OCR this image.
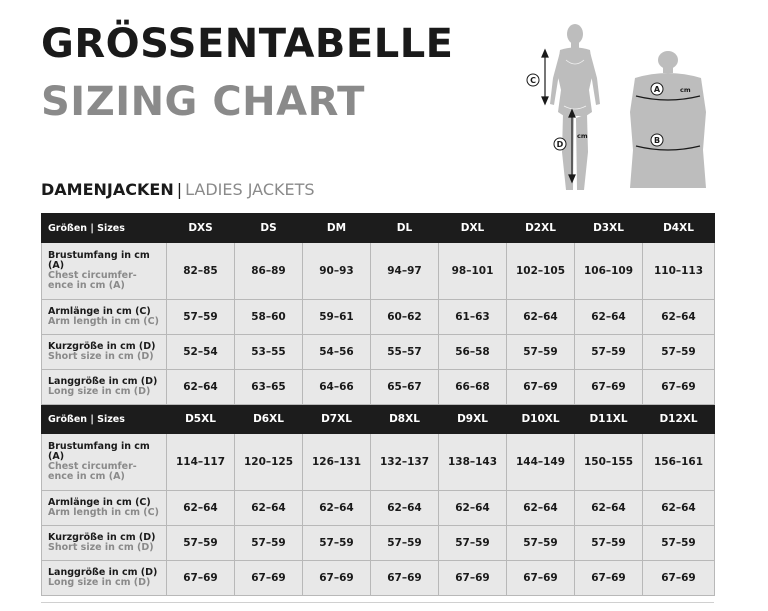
GRÖSSENTABELLE
SIZING CHART
DAMENJACKEN | LADIES JACKETS
C
D
cm
A	cm
B
Größen | Sizes	DXS	DS	DM	DL	DXL	D2XL	D3XL	D4XL

Brustumfang in cm (A)
Chest circumfer- ence in cm (A)	82–85	86–89	90–93	94–97	98–101	102–105	106–109	110–113

Armlänge in cm (C)
Arm length in cm (C)	57–59	58–60	59–61	60–62	61–63	62–64	62–64	62–64

Kurzgröße in cm (D)
Short size in cm (D)	52–54	53–55	54–56	55–57	56–58	57–59	57–59	57–59

Langgröße in cm (D)
Long size in cm (D)	62–64	63–65	64–66	65–67	66–68	67–69	67–69	67–69
Größen | Sizes	D5XL	D6XL	D7XL	D8XL	D9XL	D10XL	D11XL	D12XL

Brustumfang in cm (A)
Chest circumfer- ence in cm (A)	114–117	120–125	126–131	132–137	138–143	144–149	150–155	156–161

Armlänge in cm (C)
Arm length in cm (C)	62–64	62–64	62–64	62–64	62–64	62–64	62–64	62–64

Kurzgröße in cm (D)
Short size in cm (D)	57–59	57–59	57–59	57–59	57–59	57–59	57–59	57–59

Langgröße in cm (D)
Long size in cm (D)	67–69	67–69	67–69	67–69	67–69	67–69	67–69	67–69
